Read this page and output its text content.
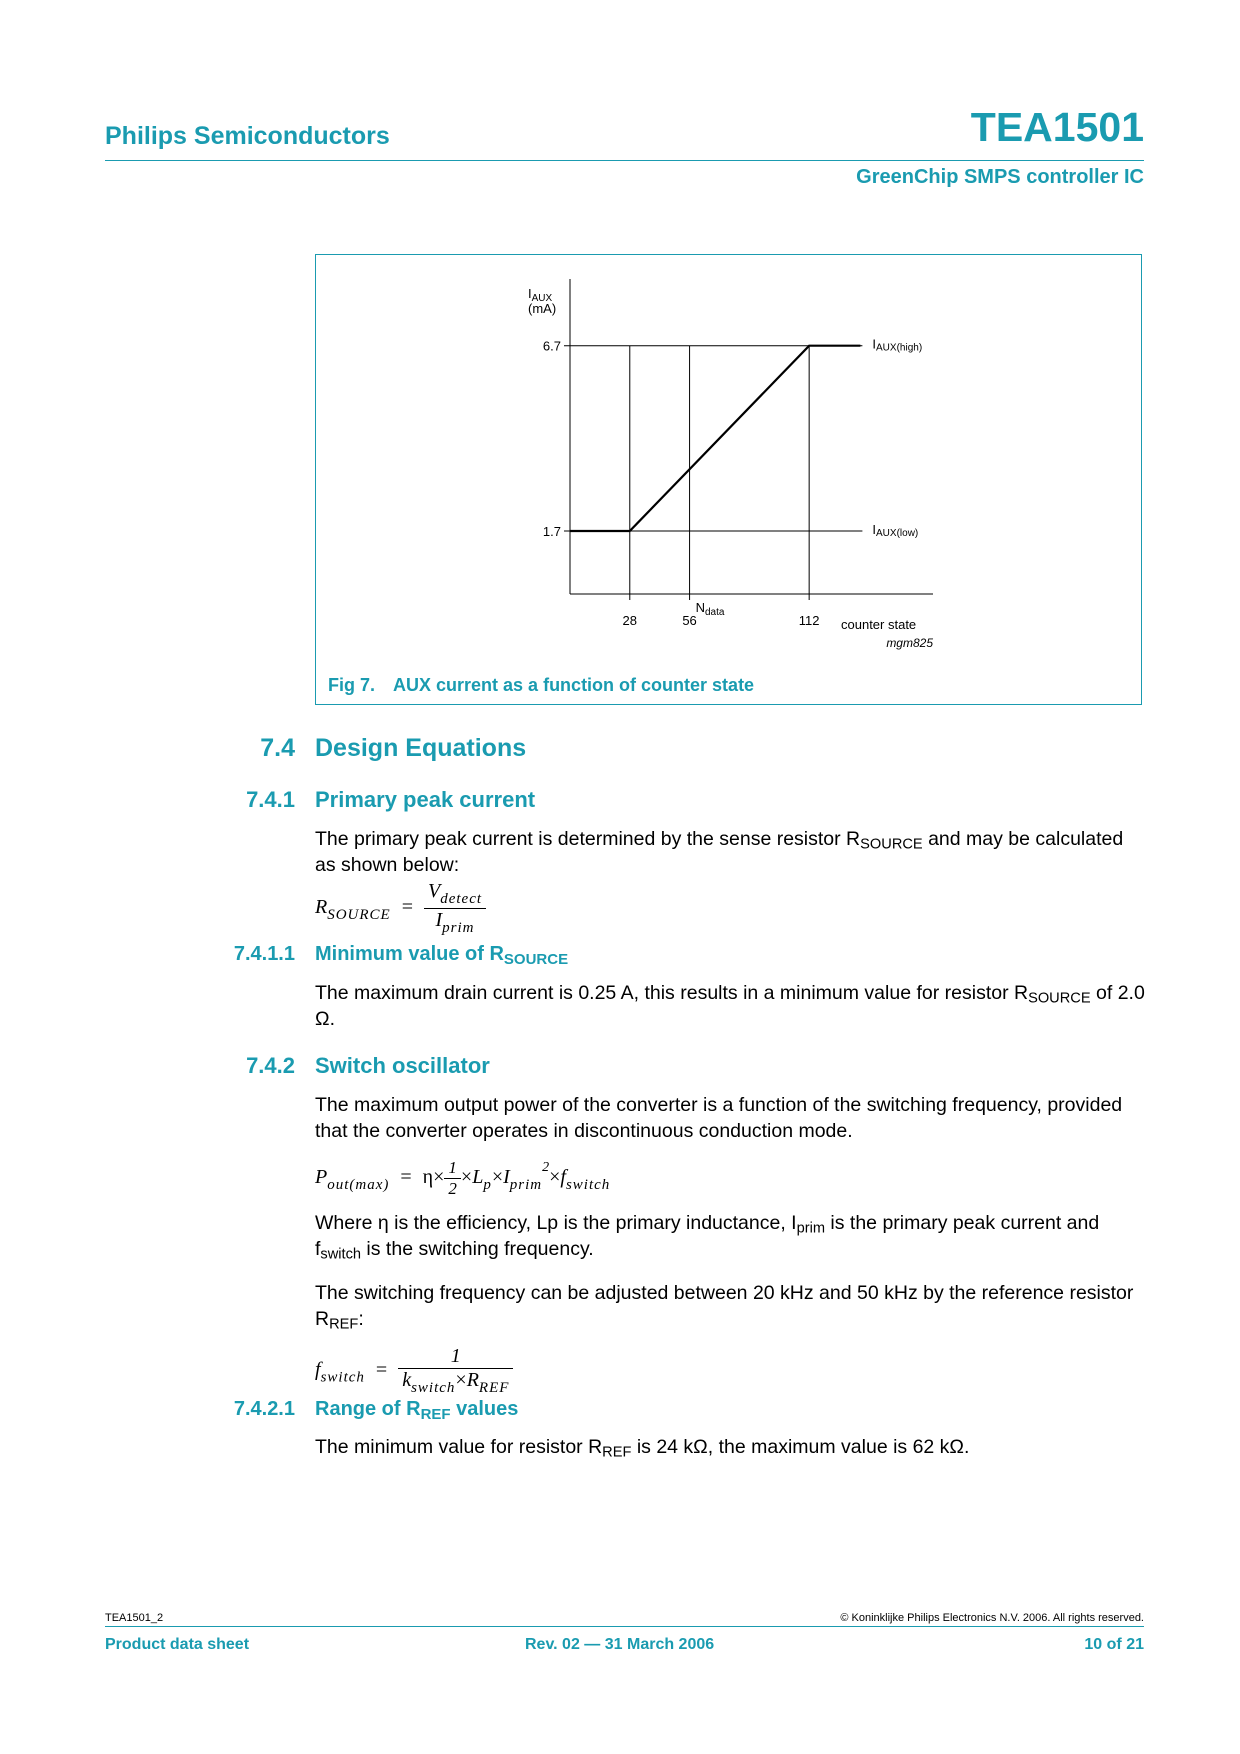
Philips Semiconductors	TEA1501
GreenChip SMPS controller IC
$I_{AUX}$
(mA)
6.7
1.7
28	56	112 counter state
IAUX(high)
IAUX(low)
$N_{data}$
mgm825
Fig 7. AUX current as a function of counter state
7.4 Design Equations
7.4.1 Primary peak current
The primary peak current is determined by the sense resistor $R_{SOURCE}$ and may be calculated as shown below:
$R_{SOURCE} = \frac{V_{detect}}{I_{prim}}$
7.4.1.1 Minimum value of $R_{SOURCE}$
The maximum drain current is 0.25 A, this results in a minimum value for resistor $R_{SOURCE}$ of 2.0 Ω.
7.4.2 Switch oscillator
The maximum output power of the converter is a function of the switching frequency, provided that the converter operates in discontinuous conduction mode.
$P_{out(max)} = \eta\times \frac{1}{2} \times L_p\times I_{prim}^2\times f_{switch}$
Where η is the efficiency, Lp is the primary inductance, $I_{prim}$ is the primary peak current and $f_{switch}$ is the switching frequency.
The switching frequency can be adjusted between 20 kHz and 50 kHz by the reference resistor $R_{REF}$:
$f_{switch} = \frac{1}{k_{switch}\times R_{REF}}$
7.4.2.1 Range of $R_{REF}$ values
The minimum value for resistor $R_{REF}$ is 24 kΩ, the maximum value is 62 kΩ.
TEA1501_2	© Koninklijke Philips Electronics N.V. 2006. All rights reserved.
Product data sheet	Rev. 02 — 31 March 2006	10 of 21
